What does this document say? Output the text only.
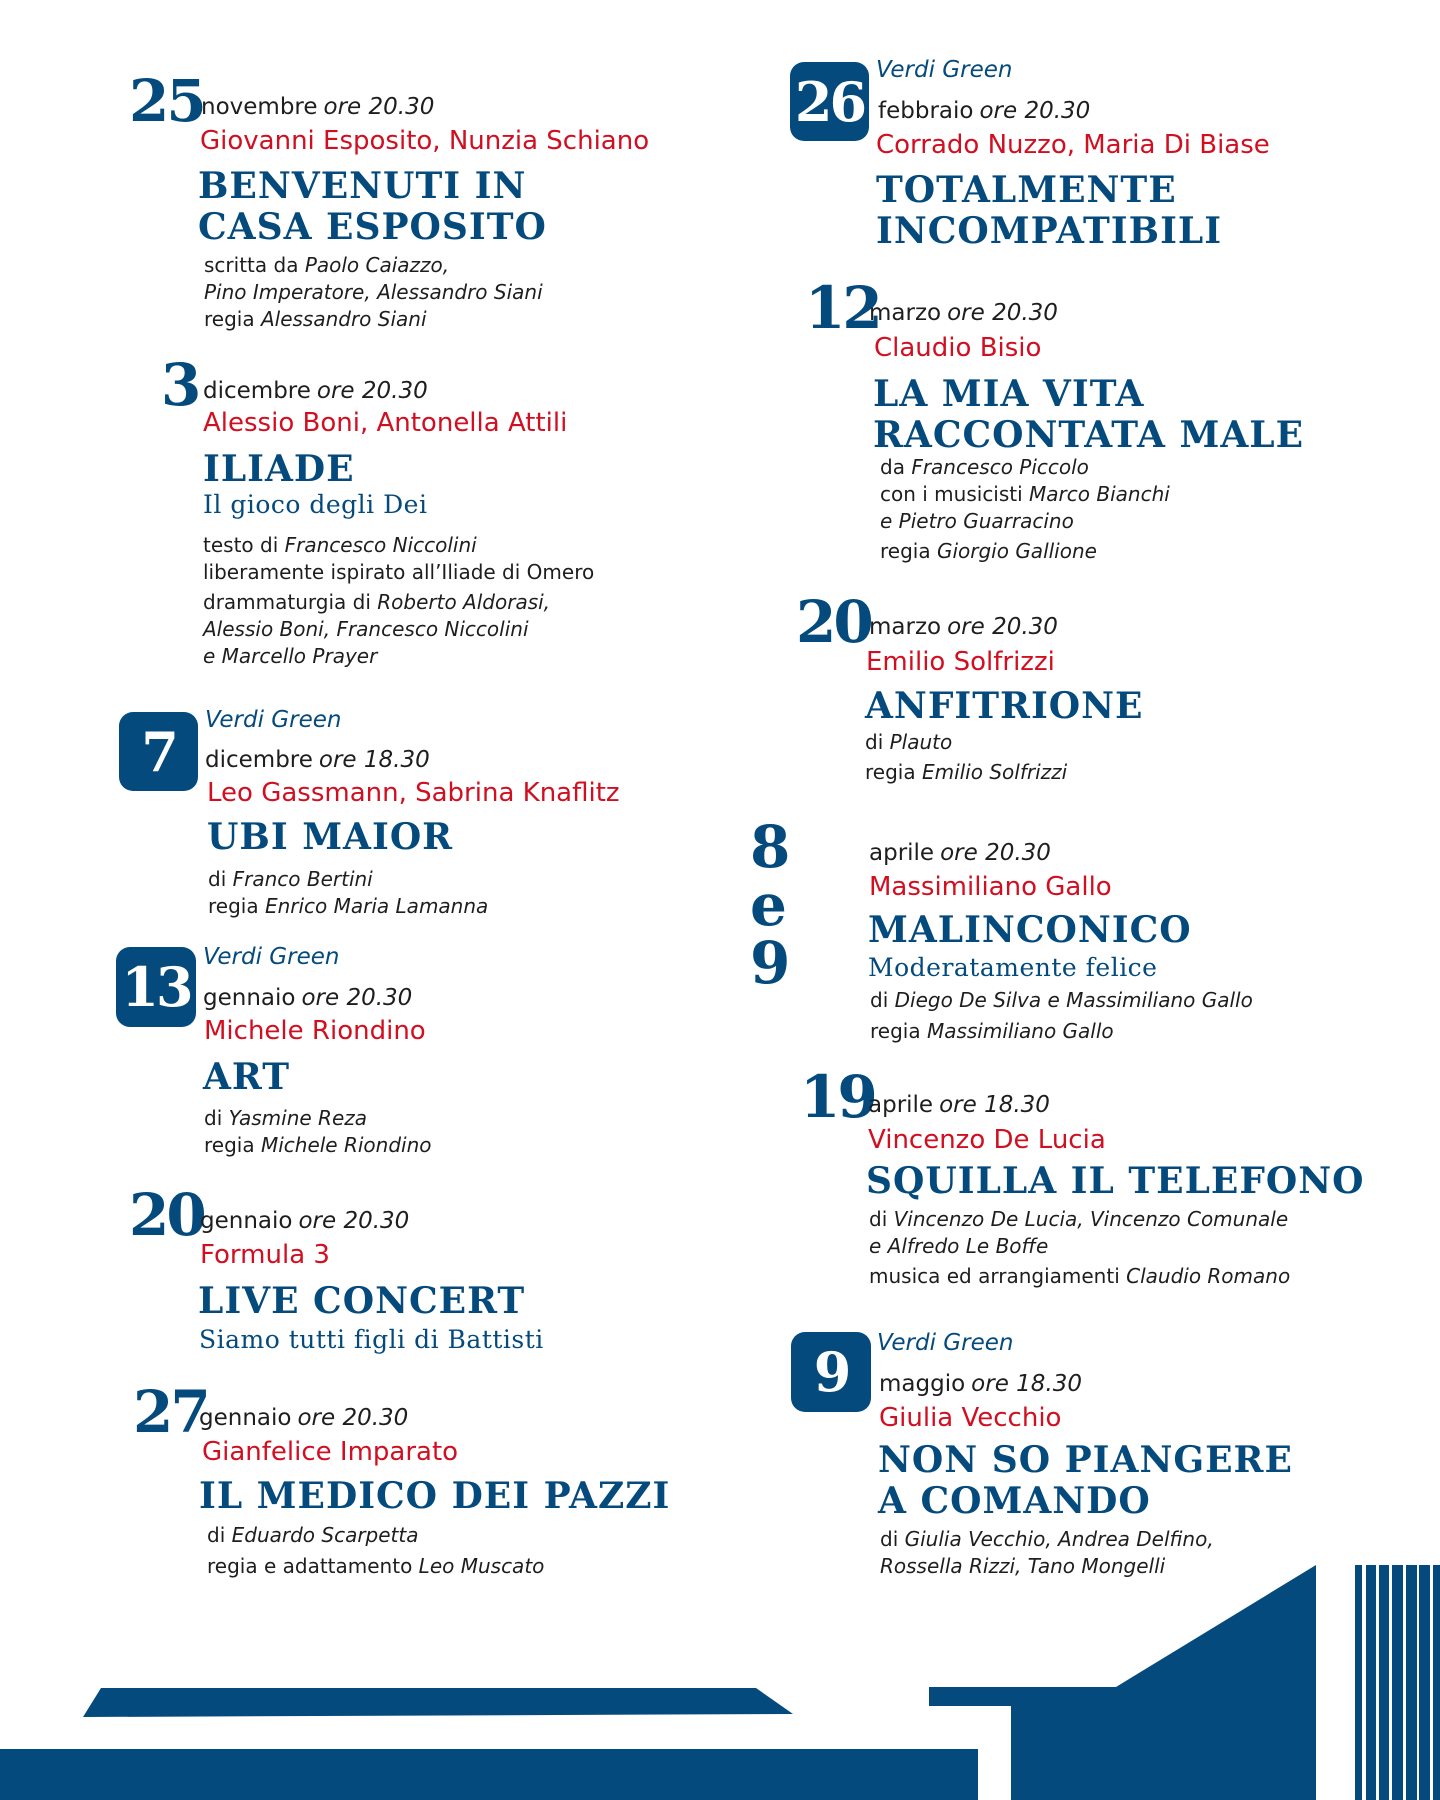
25
novembre ore 20.30
Giovanni Esposito, Nunzia Schiano
BENVENUTI IN
CASA ESPOSITO
scritta da Paolo Caiazzo,
Pino Imperatore, Alessandro Siani
regia Alessandro Siani
3 dicembre ore 20.30
Alessio Boni, Antonella Attili
ILIADE
Il gioco degli Dei
testo di Francesco Niccolini
liberamente ispirato all’Iliade di Omero
drammaturgia di Roberto Aldorasi,
Alessio Boni, Francesco Niccolini
e Marcello Prayer
7	Verdi Green
dicembre ore 18.30
Leo Gassmann, Sabrina Knaflitz
UBI MAIOR
di Franco Bertini
regia Enrico Maria Lamanna
13 Verdi Green
gennaio ore 20.30
Michele Riondino
ART
di Yasmine Reza
regia Michele Riondino
20
gennaio ore 20.30
Formula 3
LIVE CONCERT
Siamo tutti figli di Battisti
27
gennaio ore 20.30
Gianfelice Imparato
IL MEDICO DEI PAZZI
di Eduardo Scarpetta
regia e adattamento Leo Muscato
26 Verdi Green
febbraio ore 20.30
Corrado Nuzzo, Maria Di Biase
TOTALMENTE
INCOMPATIBILI
12
marzo ore 20.30
Claudio Bisio
LA MIA VITA
RACCONTATA MALE
da Francesco Piccolo
con i musicisti Marco Bianchi
e Pietro Guarracino
regia Giorgio Gallione
20
marzo ore 20.30
Emilio Solfrizzi
ANFITRIONE
di Plauto
regia Emilio Solfrizzi
8 e 9
aprile ore 20.30
Massimiliano Gallo
MALINCONICO
Moderatamente felice
di Diego De Silva e Massimiliano Gallo
regia Massimiliano Gallo
19
aprile ore 18.30
Vincenzo De Lucia
SQUILLA IL TELEFONO
di Vincenzo De Lucia, Vincenzo Comunale
e Alfredo Le Boffe
musica ed arrangiamenti Claudio Romano
9	Verdi Green
maggio ore 18.30
Giulia Vecchio
NON SO PIANGERE
A COMANDO
di Giulia Vecchio, Andrea Delfino,
Rossella Rizzi, Tano Mongelli
